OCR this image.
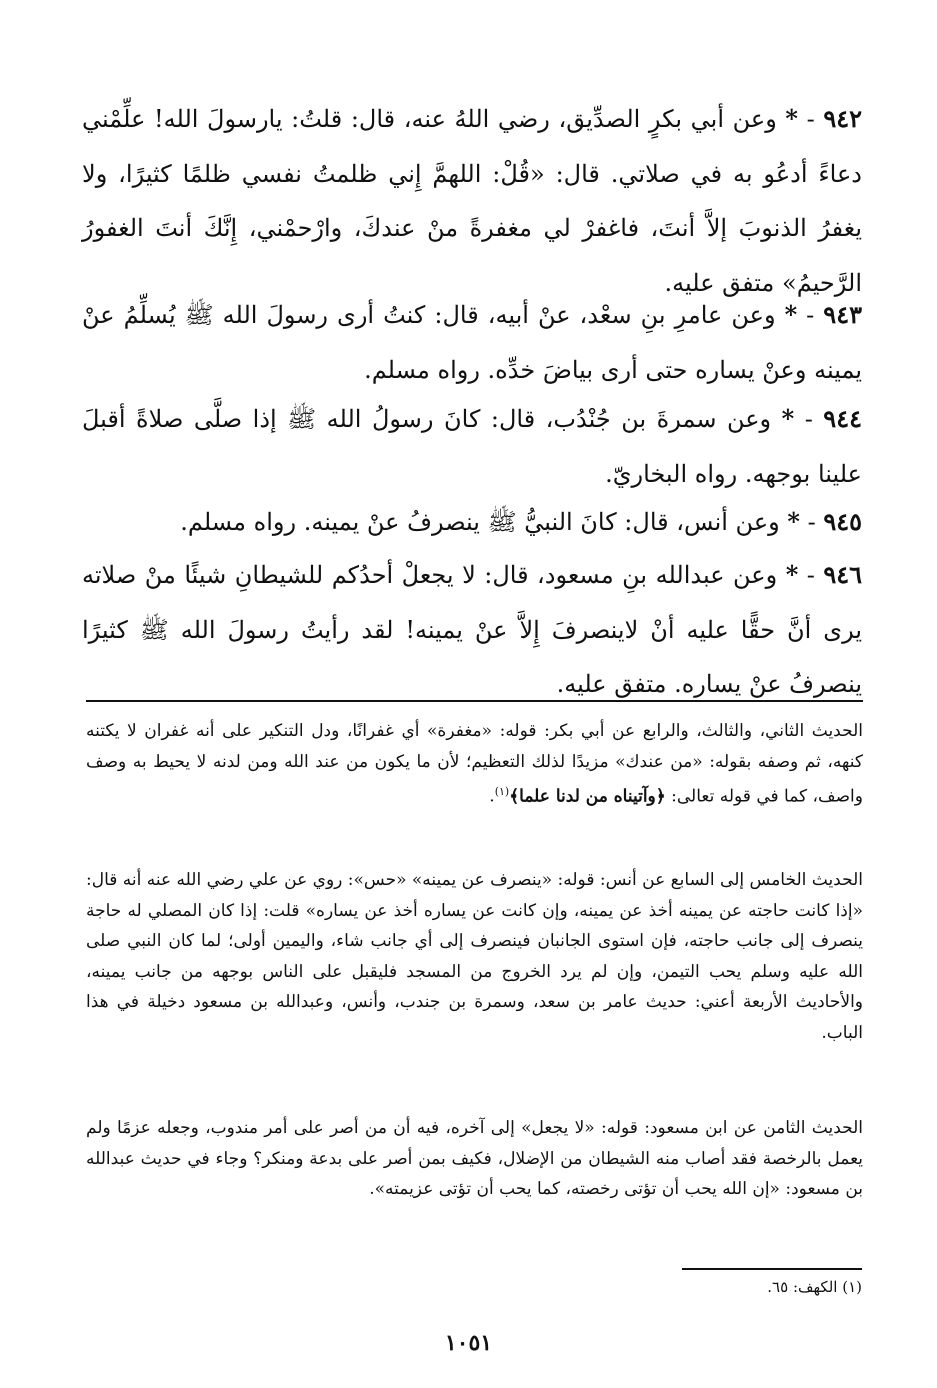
٩٤٢ - * وعن أبي بكرٍ الصدِّيق، رضي اللهُ عنه، قال: قلتُ: يارسولَ الله! علِّمْني دعاءً أدعُو به في صلاتي. قال: «قُلْ: اللهمَّ إِني ظلمتُ نفسي ظلمًا كثيرًا، ولا يغفرُ الذنوبَ إلاَّ أنتَ، فاغفرْ لي مغفرةً منْ عندكَ، وارْحمْني، إِنَّكَ أنتَ الغفورُ الرَّحيمُ» متفق عليه.
٩٤٣ - * وعن عامرِ بنِ سعْد، عنْ أبيه، قال: كنتُ أرى رسولَ الله ﷺ يُسلِّمُ عنْ يمينه وعنْ يساره حتى أرى بياضَ خدِّه. رواه مسلم.
٩٤٤ - * وعن سمرةَ بن جُنْدُب، قال: كانَ رسولُ الله ﷺ إذا صلَّى صلاةً أقبلَ علينا بوجهه. رواه البخاريّ.
٩٤٥ - * وعن أنس، قال: كانَ النبيُّ ﷺ ينصرفُ عنْ يمينه. رواه مسلم.
٩٤٦ - * وعن عبدالله بنِ مسعود، قال: لا يجعلْ أحدُكم للشيطانِ شيئًا منْ صلاته يرى أنَّ حقًّا عليه أنْ لاينصرفَ إِلاَّ عنْ يمينه! لقد رأيتُ رسولَ الله ﷺ كثيرًا ينصرفُ عنْ يساره. متفق عليه.
الحديث الثاني، والثالث، والرابع عن أبي بكر: قوله: «مغفرة» أي غفرانًا، ودل التنكير على أنه غفران لا يكتنه كنهه، ثم وصفه بقوله: «من عندك» مزيدًا لذلك التعظيم؛ لأن ما يكون من عند الله ومن لدنه لا يحيط به وصف واصف، كما في قوله تعالى: ﴿وآتيناه من لدنا علما﴾$^{(١)}$.
الحديث الخامس إلى السابع عن أنس: قوله: «ينصرف عن يمينه» «حس»: روي عن علي رضي الله عنه أنه قال: «إذا كانت حاجته عن يمينه أخذ عن يمينه، وإن كانت عن يساره أخذ عن يساره» قلت: إذا كان المصلي له حاجة ينصرف إلى جانب حاجته، فإن استوى الجانبان فينصرف إلى أي جانب شاء، واليمين أولى؛ لما كان النبي صلى الله عليه وسلم يحب التيمن، وإن لم يرد الخروج من المسجد فليقبل على الناس بوجهه من جانب يمينه، والأحاديث الأربعة أعني: حديث عامر بن سعد، وسمرة بن جندب، وأنس، وعبدالله بن مسعود دخيلة في هذا الباب.
الحديث الثامن عن ابن مسعود: قوله: «لا يجعل» إلى آخره، فيه أن من أصر على أمر مندوب، وجعله عزمًا ولم يعمل بالرخصة فقد أصاب منه الشيطان من الإضلال، فكيف بمن أصر على بدعة ومنكر؟ وجاء في حديث عبدالله بن مسعود: «إن الله يحب أن تؤتى رخصته، كما يحب أن تؤتى عزيمته».
(١) الكهف: ٦٥.
١٠٥١
